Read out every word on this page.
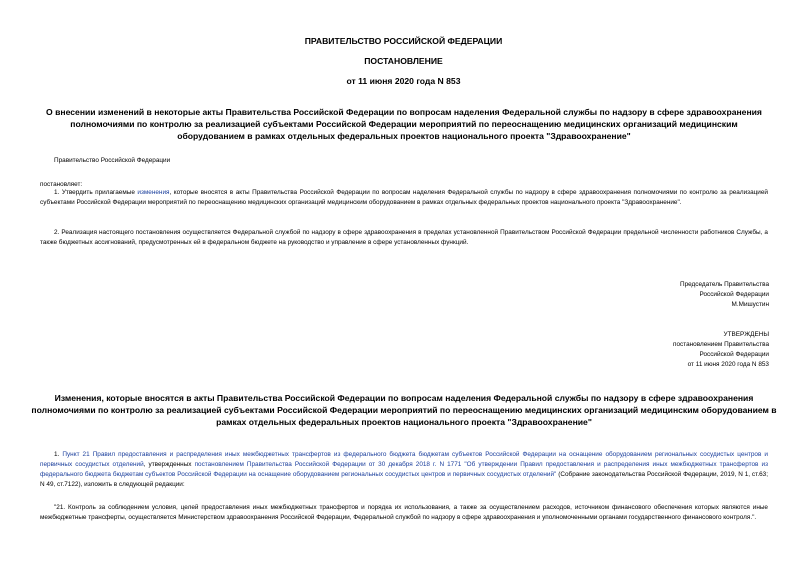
ПРАВИТЕЛЬСТВО РОССИЙСКОЙ ФЕДЕРАЦИИ
ПОСТАНОВЛЕНИЕ
от 11 июня 2020 года N 853
О внесении изменений в некоторые акты Правительства Российской Федерации по вопросам наделения Федеральной службы по надзору в сфере здравоохранения полномочиями по контролю за реализацией субъектами Российской Федерации мероприятий по переоснащению медицинских организаций медицинским оборудованием в рамках отдельных федеральных проектов национального проекта "Здравоохранение"
Правительство Российской Федерации
постановляет:
1. Утвердить прилагаемые изменения, которые вносятся в акты Правительства Российской Федерации по вопросам наделения Федеральной службы по надзору в сфере здравоохранения полномочиями по контролю за реализацией субъектами Российской Федерации мероприятий по переоснащению медицинских организаций медицинским оборудованием в рамках отдельных федеральных проектов национального проекта "Здравоохранение".
2. Реализация настоящего постановления осуществляется Федеральной службой по надзору в сфере здравоохранения в пределах установленной Правительством Российской Федерации предельной численности работников Службы, а также бюджетных ассигнований, предусмотренных ей в федеральном бюджете на руководство и управление в сфере установленных функций.
Председатель Правительства
Российской Федерации
М.Мишустин
УТВЕРЖДЕНЫ
постановлением Правительства
Российской Федерации
от 11 июня 2020 года N 853
Изменения, которые вносятся в акты Правительства Российской Федерации по вопросам наделения Федеральной службы по надзору в сфере здравоохранения полномочиями по контролю за реализацией субъектами Российской Федерации мероприятий по переоснащению медицинских организаций медицинским оборудованием в рамках отдельных федеральных проектов национального проекта "Здравоохранение"
1. Пункт 21 Правил предоставления и распределения иных межбюджетных трансфертов из федерального бюджета бюджетам субъектов Российской Федерации на оснащение оборудованием региональных сосудистых центров и первичных сосудистых отделений, утвержденных постановлением Правительства Российской Федерации от 30 декабря 2018 г. N 1771 "Об утверждении Правил предоставления и распределения иных межбюджетных трансфертов из федерального бюджета бюджетам субъектов Российской Федерации на оснащение оборудованием региональных сосудистых центров и первичных сосудистых отделений" (Собрание законодательства Российской Федерации, 2019, N 1, ст.63; N 49, ст.7122), изложить в следующей редакции:
"21. Контроль за соблюдением условия, целей предоставления иных межбюджетных трансфертов и порядка их использования, а также за осуществлением расходов, источником финансового обеспечения которых являются иные межбюджетные трансферты, осуществляется Министерством здравоохранения Российской Федерации, Федеральной службой по надзору в сфере здравоохранения и уполномоченными органами государственного финансового контроля.".
